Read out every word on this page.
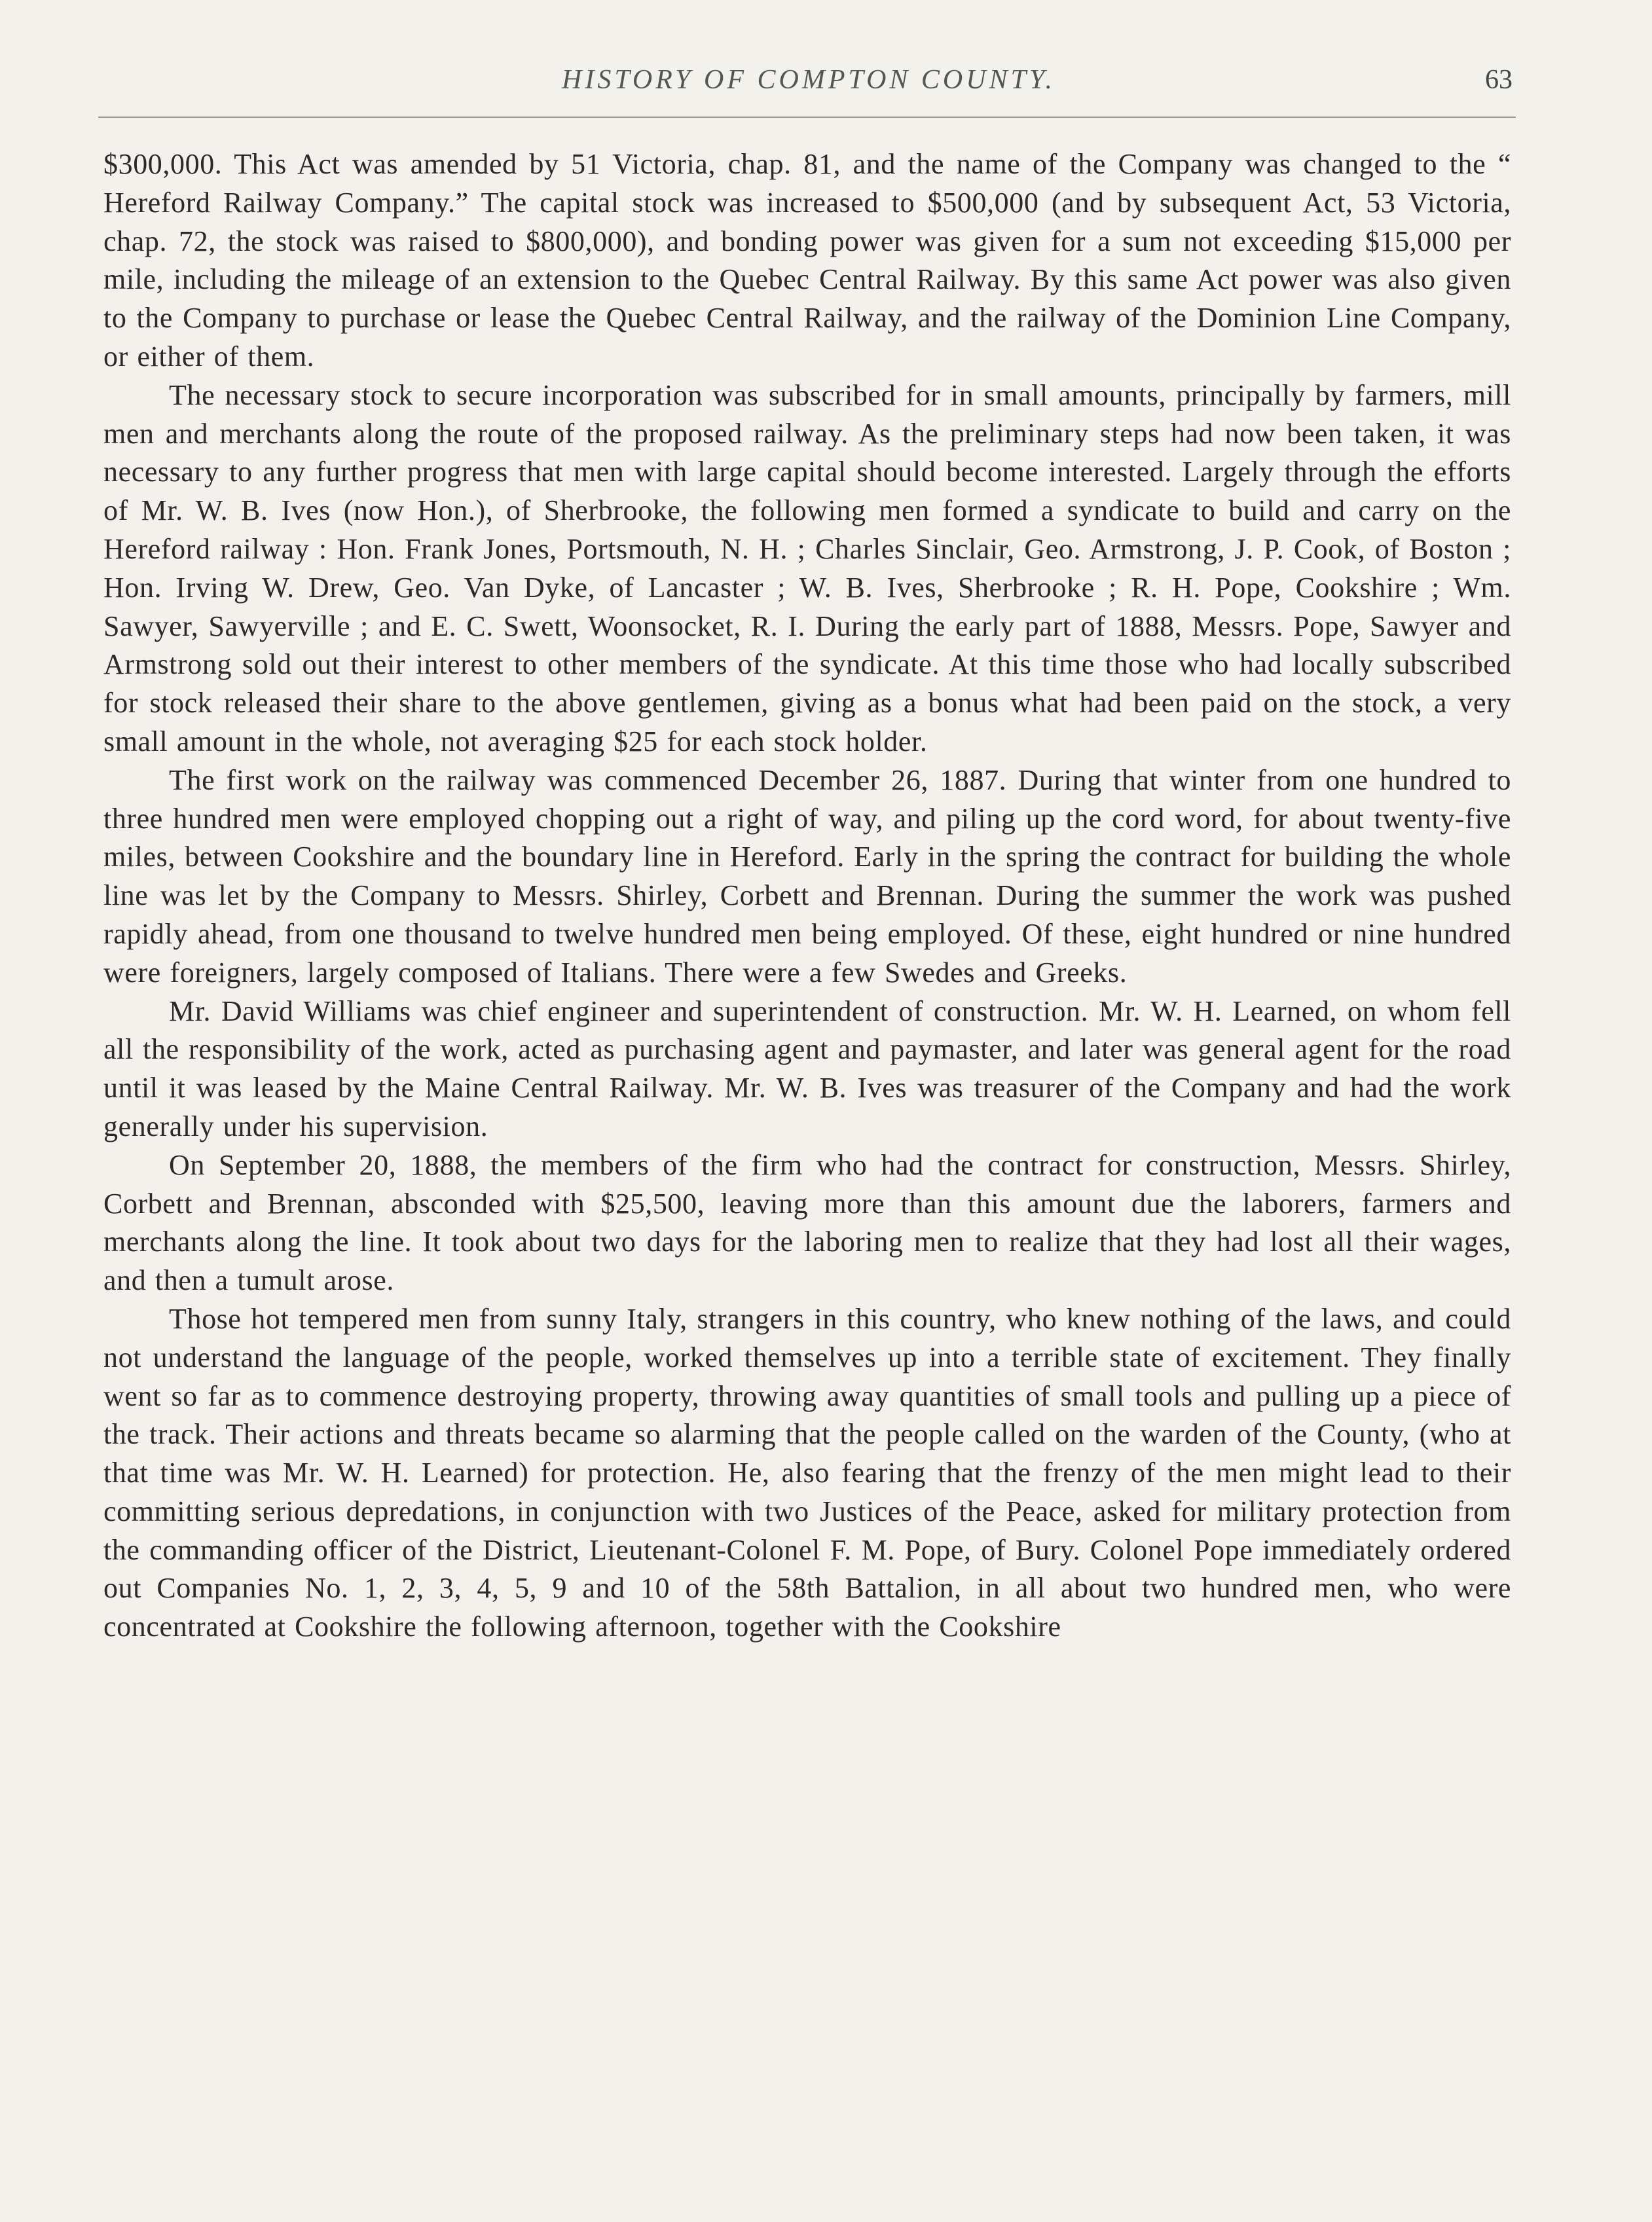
HISTORY OF COMPTON COUNTY.	63

$300,000. This Act was amended by 51 Victoria, chap. 81, and the name of the Company was changed to the “ Hereford Railway Company.” The capital stock was increased to $500,000 (and by subsequent Act, 53 Victoria, chap. 72, the stock was raised to $800,000), and bonding power was given for a sum not exceeding $15,000 per mile, including the mileage of an extension to the Quebec Central Railway. By this same Act power was also given to the Company to purchase or lease the Quebec Central Railway, and the railway of the Dominion Line Company, or either of them.

The necessary stock to secure incorporation was subscribed for in small amounts, principally by farmers, mill men and merchants along the route of the proposed railway. As the preliminary steps had now been taken, it was necessary to any further progress that men with large capital should become interested. Largely through the efforts of Mr. W. B. Ives (now Hon.), of Sherbrooke, the following men formed a syndicate to build and carry on the Hereford railway : Hon. Frank Jones, Portsmouth, N. H. ; Charles Sinclair, Geo. Armstrong, J. P. Cook, of Boston ; Hon. Irving W. Drew, Geo. Van Dyke, of Lancaster ; W. B. Ives, Sherbrooke ; R. H. Pope, Cookshire ; Wm. Sawyer, Sawyerville ; and E. C. Swett, Woonsocket, R. I. During the early part of 1888, Messrs. Pope, Sawyer and Armstrong sold out their interest to other members of the syndicate. At this time those who had locally subscribed for stock released their share to the above gentlemen, giving as a bonus what had been paid on the stock, a very small amount in the whole, not averaging $25 for each stock holder.

The first work on the railway was commenced December 26, 1887. During that winter from one hundred to three hundred men were employed chopping out a right of way, and piling up the cord word, for about twenty-five miles, between Cookshire and the boundary line in Hereford. Early in the spring the contract for building the whole line was let by the Company to Messrs. Shirley, Corbett and Brennan. During the summer the work was pushed rapidly ahead, from one thousand to twelve hundred men being employed. Of these, eight hundred or nine hundred were foreigners, largely composed of Italians. There were a few Swedes and Greeks.

Mr. David Williams was chief engineer and superintendent of construction. Mr. W. H. Learned, on whom fell all the responsibility of the work, acted as purchasing agent and paymaster, and later was general agent for the road until it was leased by the Maine Central Railway. Mr. W. B. Ives was treasurer of the Company and had the work generally under his supervision.

On September 20, 1888, the members of the firm who had the contract for construction, Messrs. Shirley, Corbett and Brennan, absconded with $25,500, leaving more than this amount due the laborers, farmers and merchants along the line. It took about two days for the laboring men to realize that they had lost all their wages, and then a tumult arose.

Those hot tempered men from sunny Italy, strangers in this country, who knew nothing of the laws, and could not understand the language of the people, worked themselves up into a terrible state of excitement. They finally went so far as to commence destroying property, throwing away quantities of small tools and pulling up a piece of the track. Their actions and threats became so alarming that the people called on the warden of the County, (who at that time was Mr. W. H. Learned) for protection. He, also fearing that the frenzy of the men might lead to their committing serious depredations, in conjunction with two Justices of the Peace, asked for military protection from the commanding officer of the District, Lieutenant-Colonel F. M. Pope, of Bury. Colonel Pope immediately ordered out Companies No. 1, 2, 3, 4, 5, 9 and 10 of the 58th Battalion, in all about two hundred men, who were concentrated at Cookshire the following afternoon, together with the Cookshire
